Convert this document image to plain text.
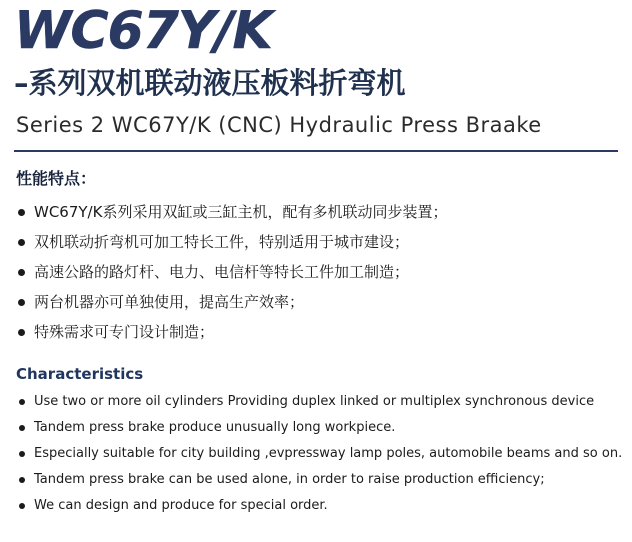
WC67Y/K
–系列双机联动液压板料折弯机
Series 2 WC67Y/K (CNC) Hydraulic Press Braake
性能特点：
WC67Y/K系列采用双缸或三缸主机，配有多机联动同步装置；
双机联动折弯机可加工特长工件，特别适用于城市建设；
高速公路的路灯杆、电力、电信杆等特长工件加工制造；
两台机器亦可单独使用，提高生产效率；
特殊需求可专门设计制造；
Characteristics
Use two or more oil cylinders Providing duplex linked or multiplex synchronous device
Tandem press brake produce unusually long workpiece.
Especially suitable for city building ,evpressway lamp poles, automobile beams and so on.
Tandem press brake can be used alone, in order to raise production efficiency;
We can design and produce for special order.
